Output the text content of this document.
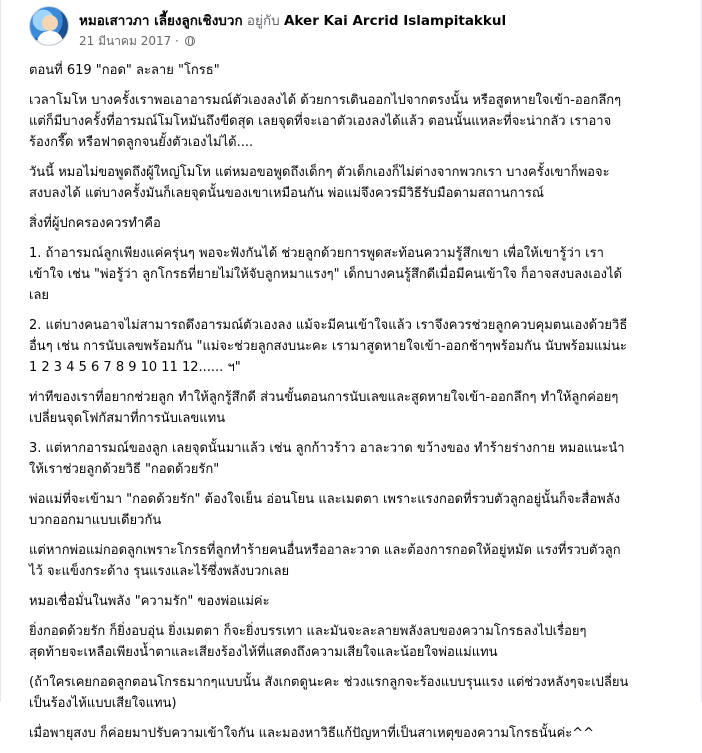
หมอเสาวภา เลี้ยงลูกเชิงบวก อยู่กับ Aker Kai Arcrid Islampitakkul
21 มีนาคม 2017 ·

ตอนที่ 619 "กอด" ละลาย "โกรธ"

เวลาโมโห บางครั้งเราพอเอาอารมณ์ตัวเองลงได้ ด้วยการเดินออกไปจากตรงนั้น หรือสูดหายใจเข้า-ออกลึกๆ
แต่ก็มีบางครั้งที่อารมณ์โมโหมันถึงขีดสุด เลยจุดที่จะเอาตัวเองลงได้แล้ว ตอนนั้นแหละที่จะน่ากลัว เราอาจ
ร้องกรี๊ด หรือฟาดลูกจนยั้งตัวเองไม่ได้....

วันนี้ หมอไม่ขอพูดถึงผู้ใหญ่โมโห แต่หมอขอพูดถึงเด็กๆ ตัวเด็กเองก็ไม่ต่างจากพวกเรา บางครั้งเขาก็พอจะ
สงบลงได้ แต่บางครั้งมันก็เลยจุดนั้นของเขาเหมือนกัน พ่อแม่จึงควรมีวิธีรับมือตามสถานการณ์

สิ่งที่ผู้ปกครองควรทำคือ

1. ถ้าอารมณ์ลูกเพียงแค่ครุ่นๆ พอจะฟังกันได้ ช่วยลูกด้วยการพูดสะท้อนความรู้สึกเขา เพื่อให้เขารู้ว่า เรา
เข้าใจ เช่น "พ่อรู้ว่า ลูกโกรธที่ยายไม่ให้จับลูกหมาแรงๆ" เด็กบางคนรู้สึกดีเมื่อมีคนเข้าใจ ก็อาจสงบลงเองได้
เลย

2. แต่บางคนอาจไม่สามารถดึงอารมณ์ตัวเองลง แม้จะมีคนเข้าใจแล้ว เราจึงควรช่วยลูกควบคุมตนเองด้วยวิธี
อื่นๆ เช่น การนับเลขพร้อมกัน "แม่จะช่วยลูกสงบนะคะ เรามาสูดหายใจเข้า-ออกช้าๆพร้อมกัน นับพร้อมแม่นะ
1 2 3 4 5 6 7 8 9 10 11 12...... ฯ"

ท่าทีของเราที่อยากช่วยลูก ทำให้ลูกรู้สึกดี ส่วนขั้นตอนการนับเลขและสูดหายใจเข้า-ออกลึกๆ ทำให้ลูกค่อยๆ
เปลี่ยนจุดโฟกัสมาที่การนับเลขแทน

3. แต่หากอารมณ์ของลูก เลยจุดนั้นมาแล้ว เช่น ลูกก้าวร้าว อาละวาด ขว้างของ ทำร้ายร่างกาย หมอแนะนำ
ให้เราช่วยลูกด้วยวิธี "กอดด้วยรัก"

พ่อแม่ที่จะเข้ามา "กอดด้วยรัก" ต้องใจเย็น อ่อนโยน และเมตตา เพราะแรงกอดที่รวบตัวลูกอยู่นั้นก็จะสื่อพลัง
บวกออกมาแบบเดียวกัน

แต่หากพ่อแม่กอดลูกเพราะโกรธที่ลูกทำร้ายคนอื่นหรืออาละวาด และต้องการกอดให้อยู่หมัด แรงที่รวบตัวลูก
ไว้ จะแข็งกระด้าง รุนแรงและไร้ซึ่งพลังบวกเลย

หมอเชื่อมั่นในพลัง "ความรัก" ของพ่อแม่ค่ะ

ยิ่งกอดด้วยรัก ก็ยิ่งอบอุ่น ยิ่งเมตตา ก็จะยิ่งบรรเทา และมันจะละลายพลังลบของความโกรธลงไปเรื่อยๆ
สุดท้ายจะเหลือเพียงน้ำตาและเสียงร้องไห้ที่แสดงถึงความเสียใจและน้อยใจพ่อแม่แทน

(ถ้าใครเคยกอดลูกตอนโกรธมากๆแบบนั้น สังเกตดูนะคะ ช่วงแรกลูกจะร้องแบบรุนแรง แต่ช่วงหลังๆจะเปลี่ยน
เป็นร้องไห้แบบเสียใจแทน)

เมื่อพายุสงบ ก็ค่อยมาปรับความเข้าใจกัน และมองหาวิธีแก้ปัญหาที่เป็นสาเหตุของความโกรธนั้นค่ะ^^
